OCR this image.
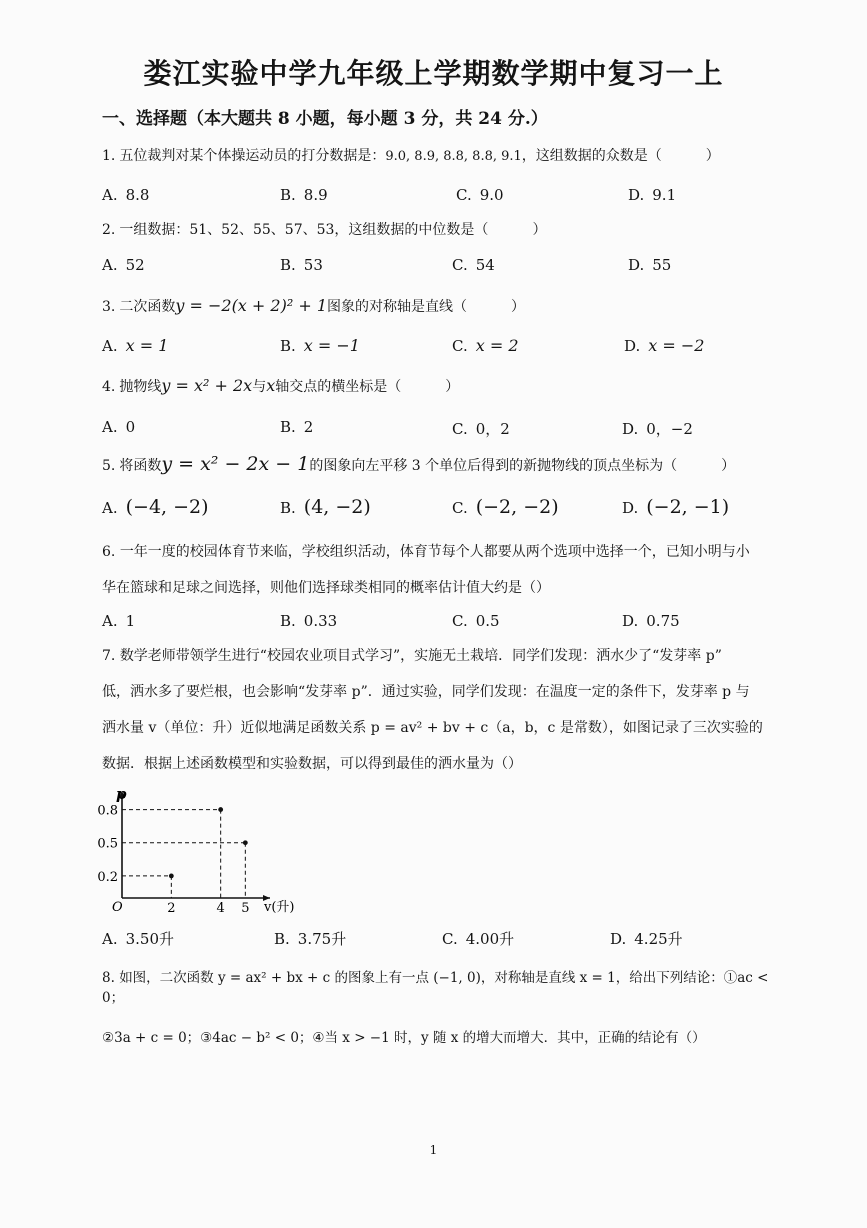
娄江实验中学九年级上学期数学期中复习一上
一、选择题（本大题共 8 小题，每小题 3 分，共 24 分.）
1. 五位裁判对某个体操运动员的打分数据是：9.0, 8.9, 8.8, 8.8, 9.1，这组数据的众数是（	）
A. 8.8	B. 8.9	C. 9.0	D. 9.1
2. 一组数据：51、52、55、57、53，这组数据的中位数是（	）
A. 52	B. 53	C. 54	D. 55
3. 二次函数y = −2(x + 2)² + 1图象的对称轴是直线（	）
A. x = 1	B. x = −1	C. x = 2	D. x = −2
4. 抛物线y = x² + 2x与x轴交点的横坐标是（	）
A. 0	B. 2	C. 0，2	D. 0，−2
5. 将函数y = x² − 2x − 1的图象向左平移 3 个单位后得到的新抛物线的顶点坐标为（	）
A. (−4, −2)	B. (4, −2)	C. (−2, −2)	D. (−2, −1)
6. 一年一度的校园体育节来临，学校组织活动，体育节每个人都要从两个选项中选择一个，已知小明与小
华在篮球和足球之间选择，则他们选择球类相同的概率估计值大约是（）
A. 1	B. 0.33	C. 0.5	D. 0.75
7. 数学老师带领学生进行“校园农业项目式学习”，实施无土栽培．同学们发现：洒水少了“发芽率 p”
低，洒水多了要烂根，也会影响“发芽率 p”．通过实验，同学们发现：在温度一定的条件下，发芽率 p 与
洒水量 v（单位：升）近似地满足函数关系 p = av² + bv + c（a，b，c 是常数），如图记录了三次实验的
数据．根据上述函数模型和实验数据，可以得到最佳的洒水量为（）
p
O	v(升)
0.2
0.5
0.8
2	4 5
A. 3.50升	B. 3.75升	C. 4.00升	D. 4.25升
8. 如图，二次函数 y = ax² + bx + c 的图象上有一点 (−1, 0)，对称轴是直线 x = 1，给出下列结论：①ac < 0；
②3a + c = 0；③4ac − b² < 0；④当 x > −1 时，y 随 x 的增大而增大．其中，正确的结论有（）
1
